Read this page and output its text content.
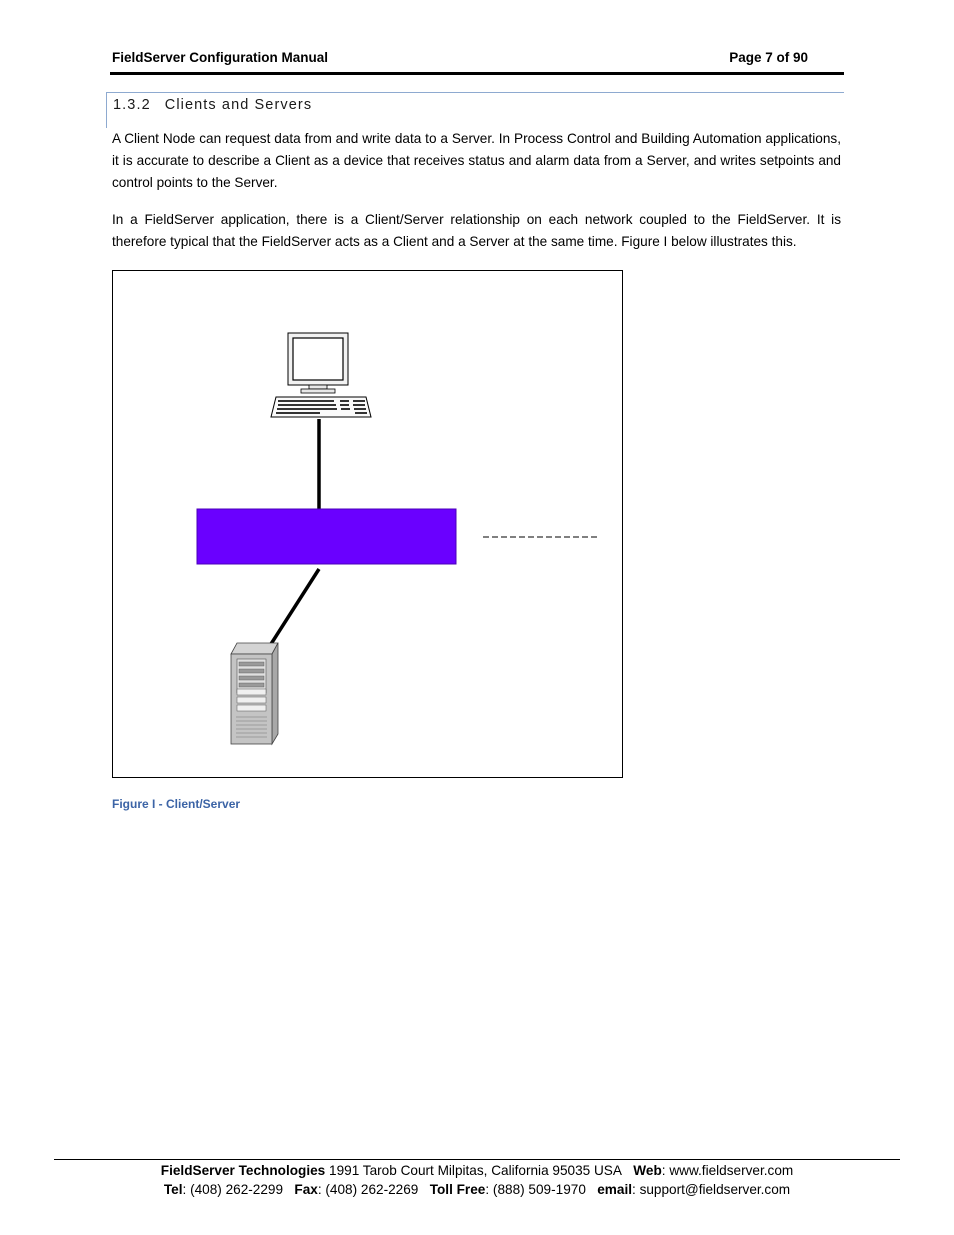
FieldServer Configuration Manual	Page 7 of 90
1.3.2 Clients and Servers

A Client Node can request data from and write data to a Server. In Process Control and Building Automation applications, it is accurate to describe a Client as a device that receives status and alarm data from a Server, and writes setpoints and control points to the Server.

In a FieldServer application, there is a Client/Server relationship on each network coupled to the FieldServer. It is therefore typical that the FieldServer acts as a Client and a Server at the same time. Figure I below illustrates this.

Figure I - Client/Server
FieldServer Technologies 1991 Tarob Court Milpitas, California 95035 USA Web: www.fieldserver.com
Tel: (408) 262-2299 Fax: (408) 262-2269 Toll Free: (888) 509-1970 email: support@fieldserver.com
